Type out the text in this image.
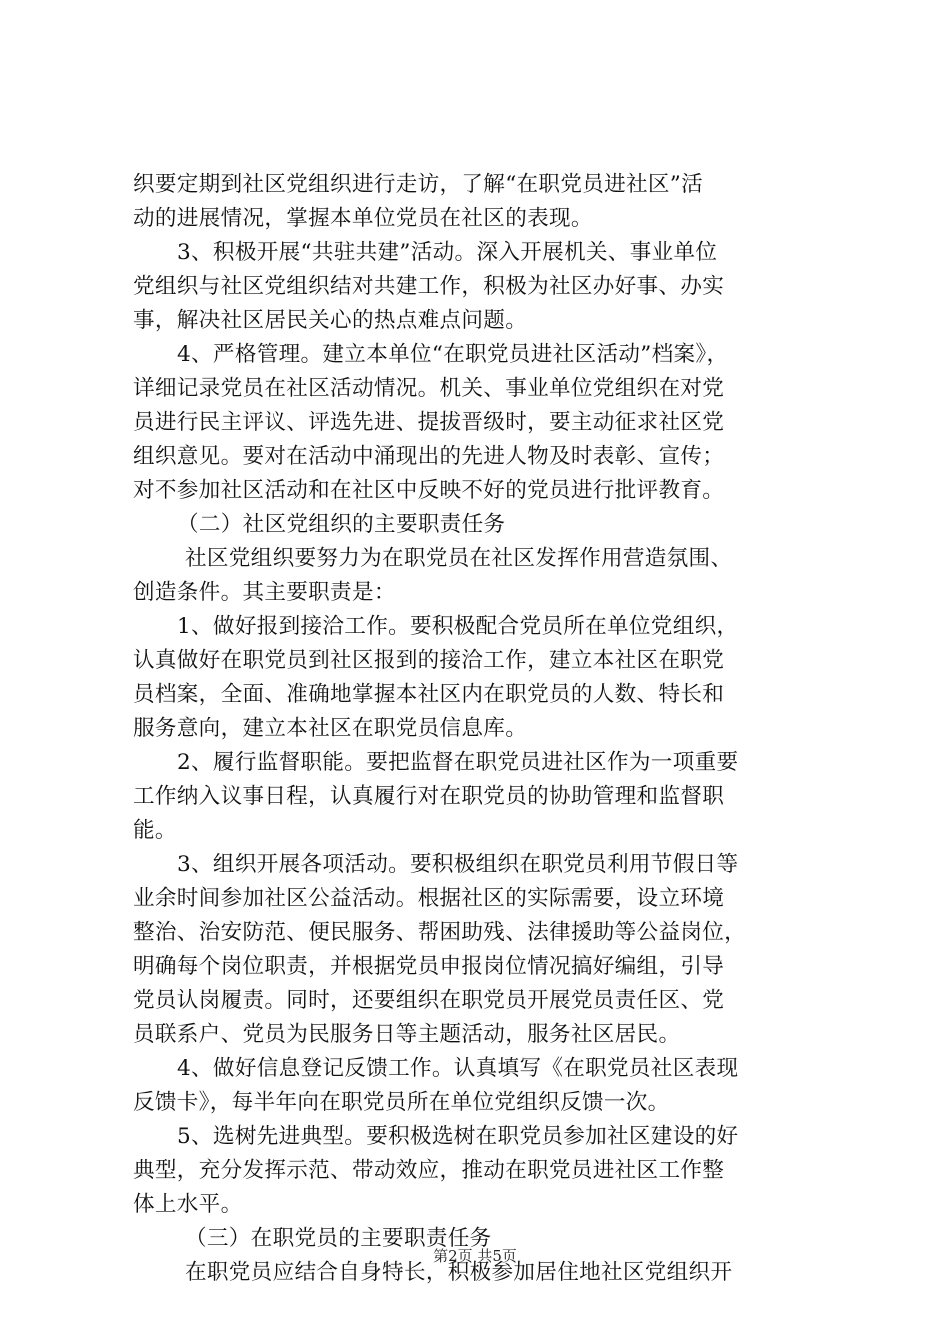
织要定期到社区党组织进行走访，了解“在职党员进社区”活
动的进展情况，掌握本单位党员在社区的表现。
3、积极开展“共驻共建”活动。深入开展机关、事业单位
党组织与社区党组织结对共建工作，积极为社区办好事、办实
事，解决社区居民关心的热点难点问题。
4、严格管理。建立本单位“在职党员进社区活动”档案》，
详细记录党员在社区活动情况。机关、事业单位党组织在对党
员进行民主评议、评选先进、提拔晋级时，要主动征求社区党
组织意见。要对在活动中涌现出的先进人物及时表彰、宣传；
对不参加社区活动和在社区中反映不好的党员进行批评教育。
（二）社区党组织的主要职责任务
社区党组织要努力为在职党员在社区发挥作用营造氛围、
创造条件。其主要职责是：
1、做好报到接洽工作。要积极配合党员所在单位党组织，
认真做好在职党员到社区报到的接洽工作，建立本社区在职党
员档案，全面、准确地掌握本社区内在职党员的人数、特长和
服务意向，建立本社区在职党员信息库。
2、履行监督职能。要把监督在职党员进社区作为一项重要
工作纳入议事日程，认真履行对在职党员的协助管理和监督职
能。
3、组织开展各项活动。要积极组织在职党员利用节假日等
业余时间参加社区公益活动。根据社区的实际需要，设立环境
整治、治安防范、便民服务、帮困助残、法律援助等公益岗位，
明确每个岗位职责，并根据党员申报岗位情况搞好编组，引导
党员认岗履责。同时，还要组织在职党员开展党员责任区、党
员联系户、党员为民服务日等主题活动，服务社区居民。
4、做好信息登记反馈工作。认真填写《在职党员社区表现
反馈卡》，每半年向在职党员所在单位党组织反馈一次。
5、选树先进典型。要积极选树在职党员参加社区建设的好
典型，充分发挥示范、带动效应，推动在职党员进社区工作整
体上水平。
（三）在职党员的主要职责任务
在职党员应结合自身特长，积极参加居住地社区党组织开
第2页 共5页
